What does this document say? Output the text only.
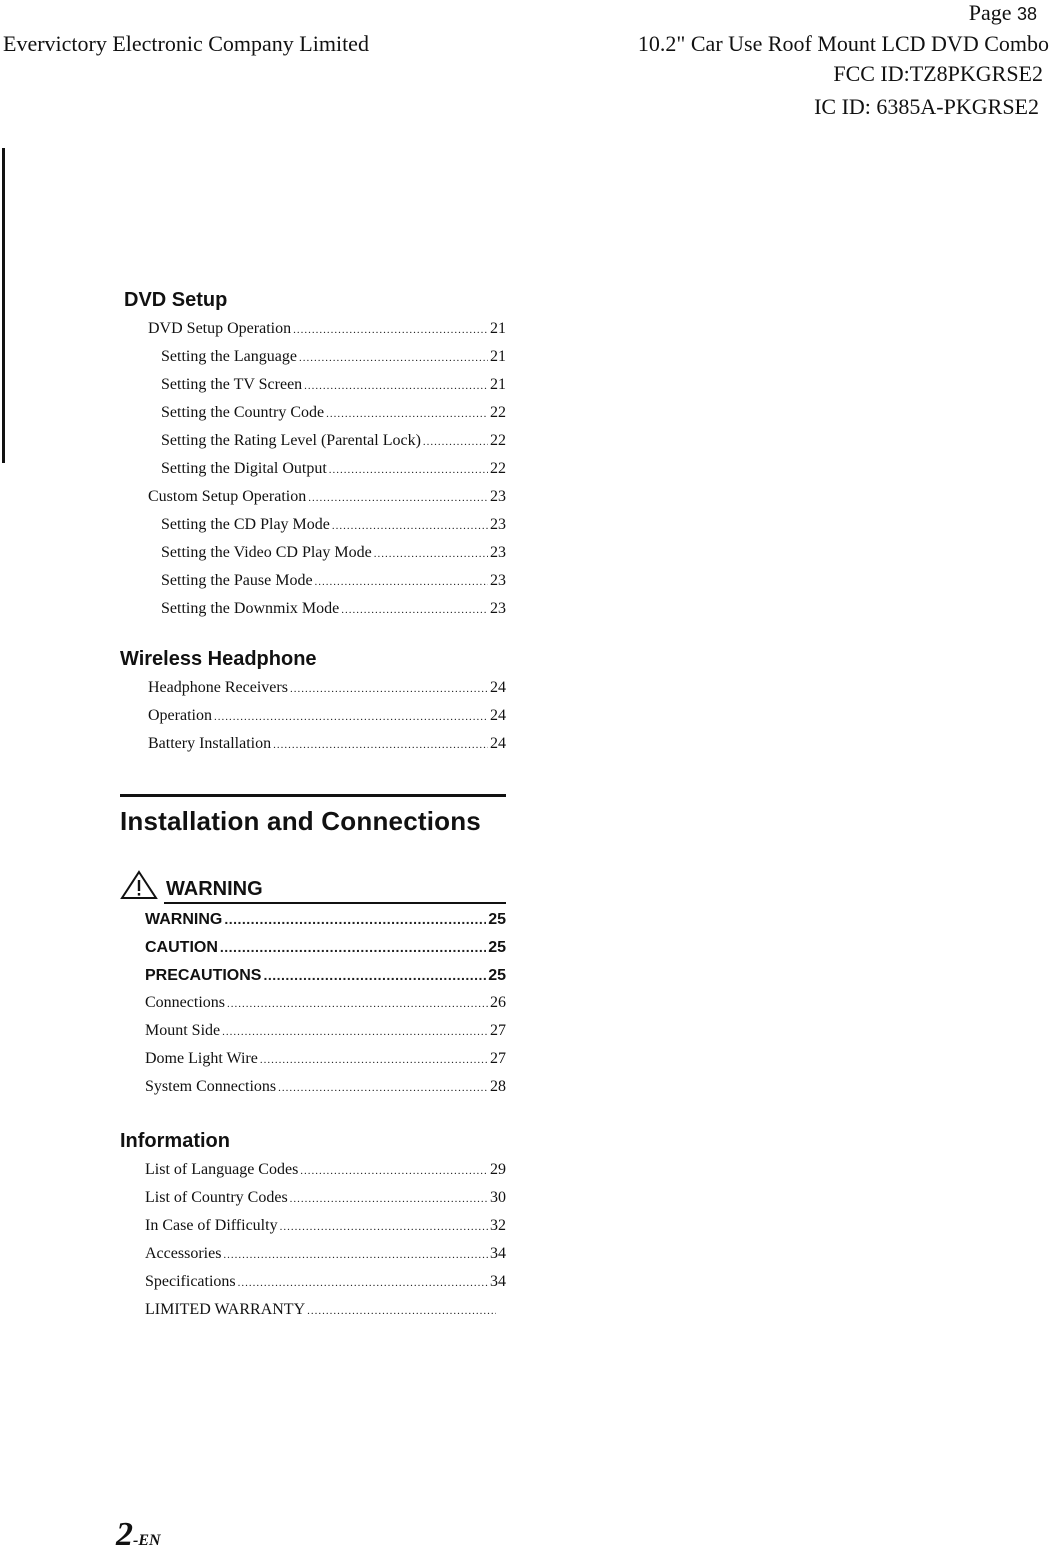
Page 38
Evervictory Electronic Company Limited	10.2" Car Use Roof Mount LCD DVD Combo
FCC ID:TZ8PKGRSE2
IC ID: 6385A-PKGRSE2
DVD Setup
DVD Setup Operation .....	21
Setting the Language .....	21
Setting the TV Screen .....	21
Setting the Country Code .....	22
Setting the Rating Level (Parental Lock) .....	22
Setting the Digital Output .....	22
Custom Setup Operation .....	23
Setting the CD Play Mode .....	23
Setting the Video CD Play Mode .....	23
Setting the Pause Mode .....	23
Setting the Downmix Mode .....	23
Wireless Headphone
Headphone Receivers .....	24
Operation .....	24
Battery Installation .....	24
Installation and Connections
WARNING
WARNING .....	25
CAUTION .....	25
PRECAUTIONS .....	25
Connections .....	26
Mount Side .....	27
Dome Light Wire .....	27
System Connections .....	28
Information
List of Language Codes .....	29
List of Country Codes .....	30
In Case of Difficulty .....	32
Accessories .....	34
Specifications .....	34
LIMITED WARRANTY
.....
2-EN
